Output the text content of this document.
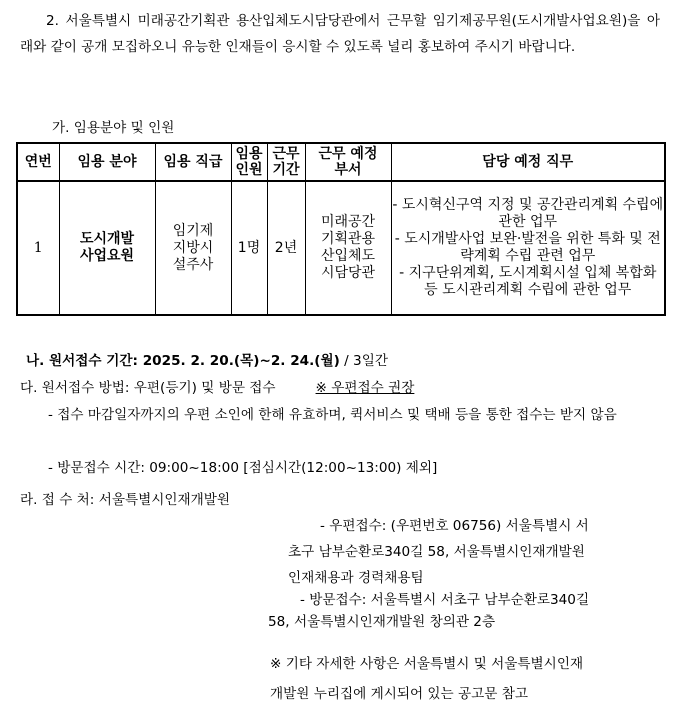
2. 서울특별시 미래공간기획관 용산입체도시담당관에서 근무할 임기제공무원(도시개발사업요원)을 아래와 같이 공개 모집하오니 유능한 인재들이 응시할 수 있도록 널리 홍보하여 주시기 바랍니다.
가. 임용분야 및 인원
연번	임용 분야	임용 직급	임용인원	근무기간	근무 예정 부서	담당 예정 직무
1	도시개발사업요원	임기제지방시설주사	1명	2년	미래공간기획관용산입체도시담당관	- 도시혁신구역 지정 및 공간관리계획 수립에 관한 업무
- 도시개발사업 보완·발전을 위한 특화 및 전략계획 수립 관련 업무
- 지구단위계획, 도시계획시설 입체 복합화 등 도시관리계획 수립에 관한 업무
나. 원서접수 기간: 2025. 2. 20.(목)~2. 24.(월) / 3일간
다. 원서접수 방법: 우편(등기) 및 방문 접수	※ 우편접수 권장
- 접수 마감일자까지의 우편 소인에 한해 유효하며, 퀵서비스 및 택배 등을 통한 접수는 받지 않음
- 방문접수 시간: 09:00~18:00 [점심시간(12:00~13:00) 제외]
라. 접 수 처: 서울특별시인재개발원
- 우편접수: (우편번호 06756) 서울특별시 서
초구 남부순환로340길 58, 서울특별시인재개발원
인재채용과 경력채용팀
- 방문접수: 서울특별시 서초구 남부순환로340길
58, 서울특별시인재개발원 창의관 2층
※ 기타 자세한 사항은 서울특별시 및 서울특별시인재
개발원 누리집에 게시되어 있는 공고문 참고
